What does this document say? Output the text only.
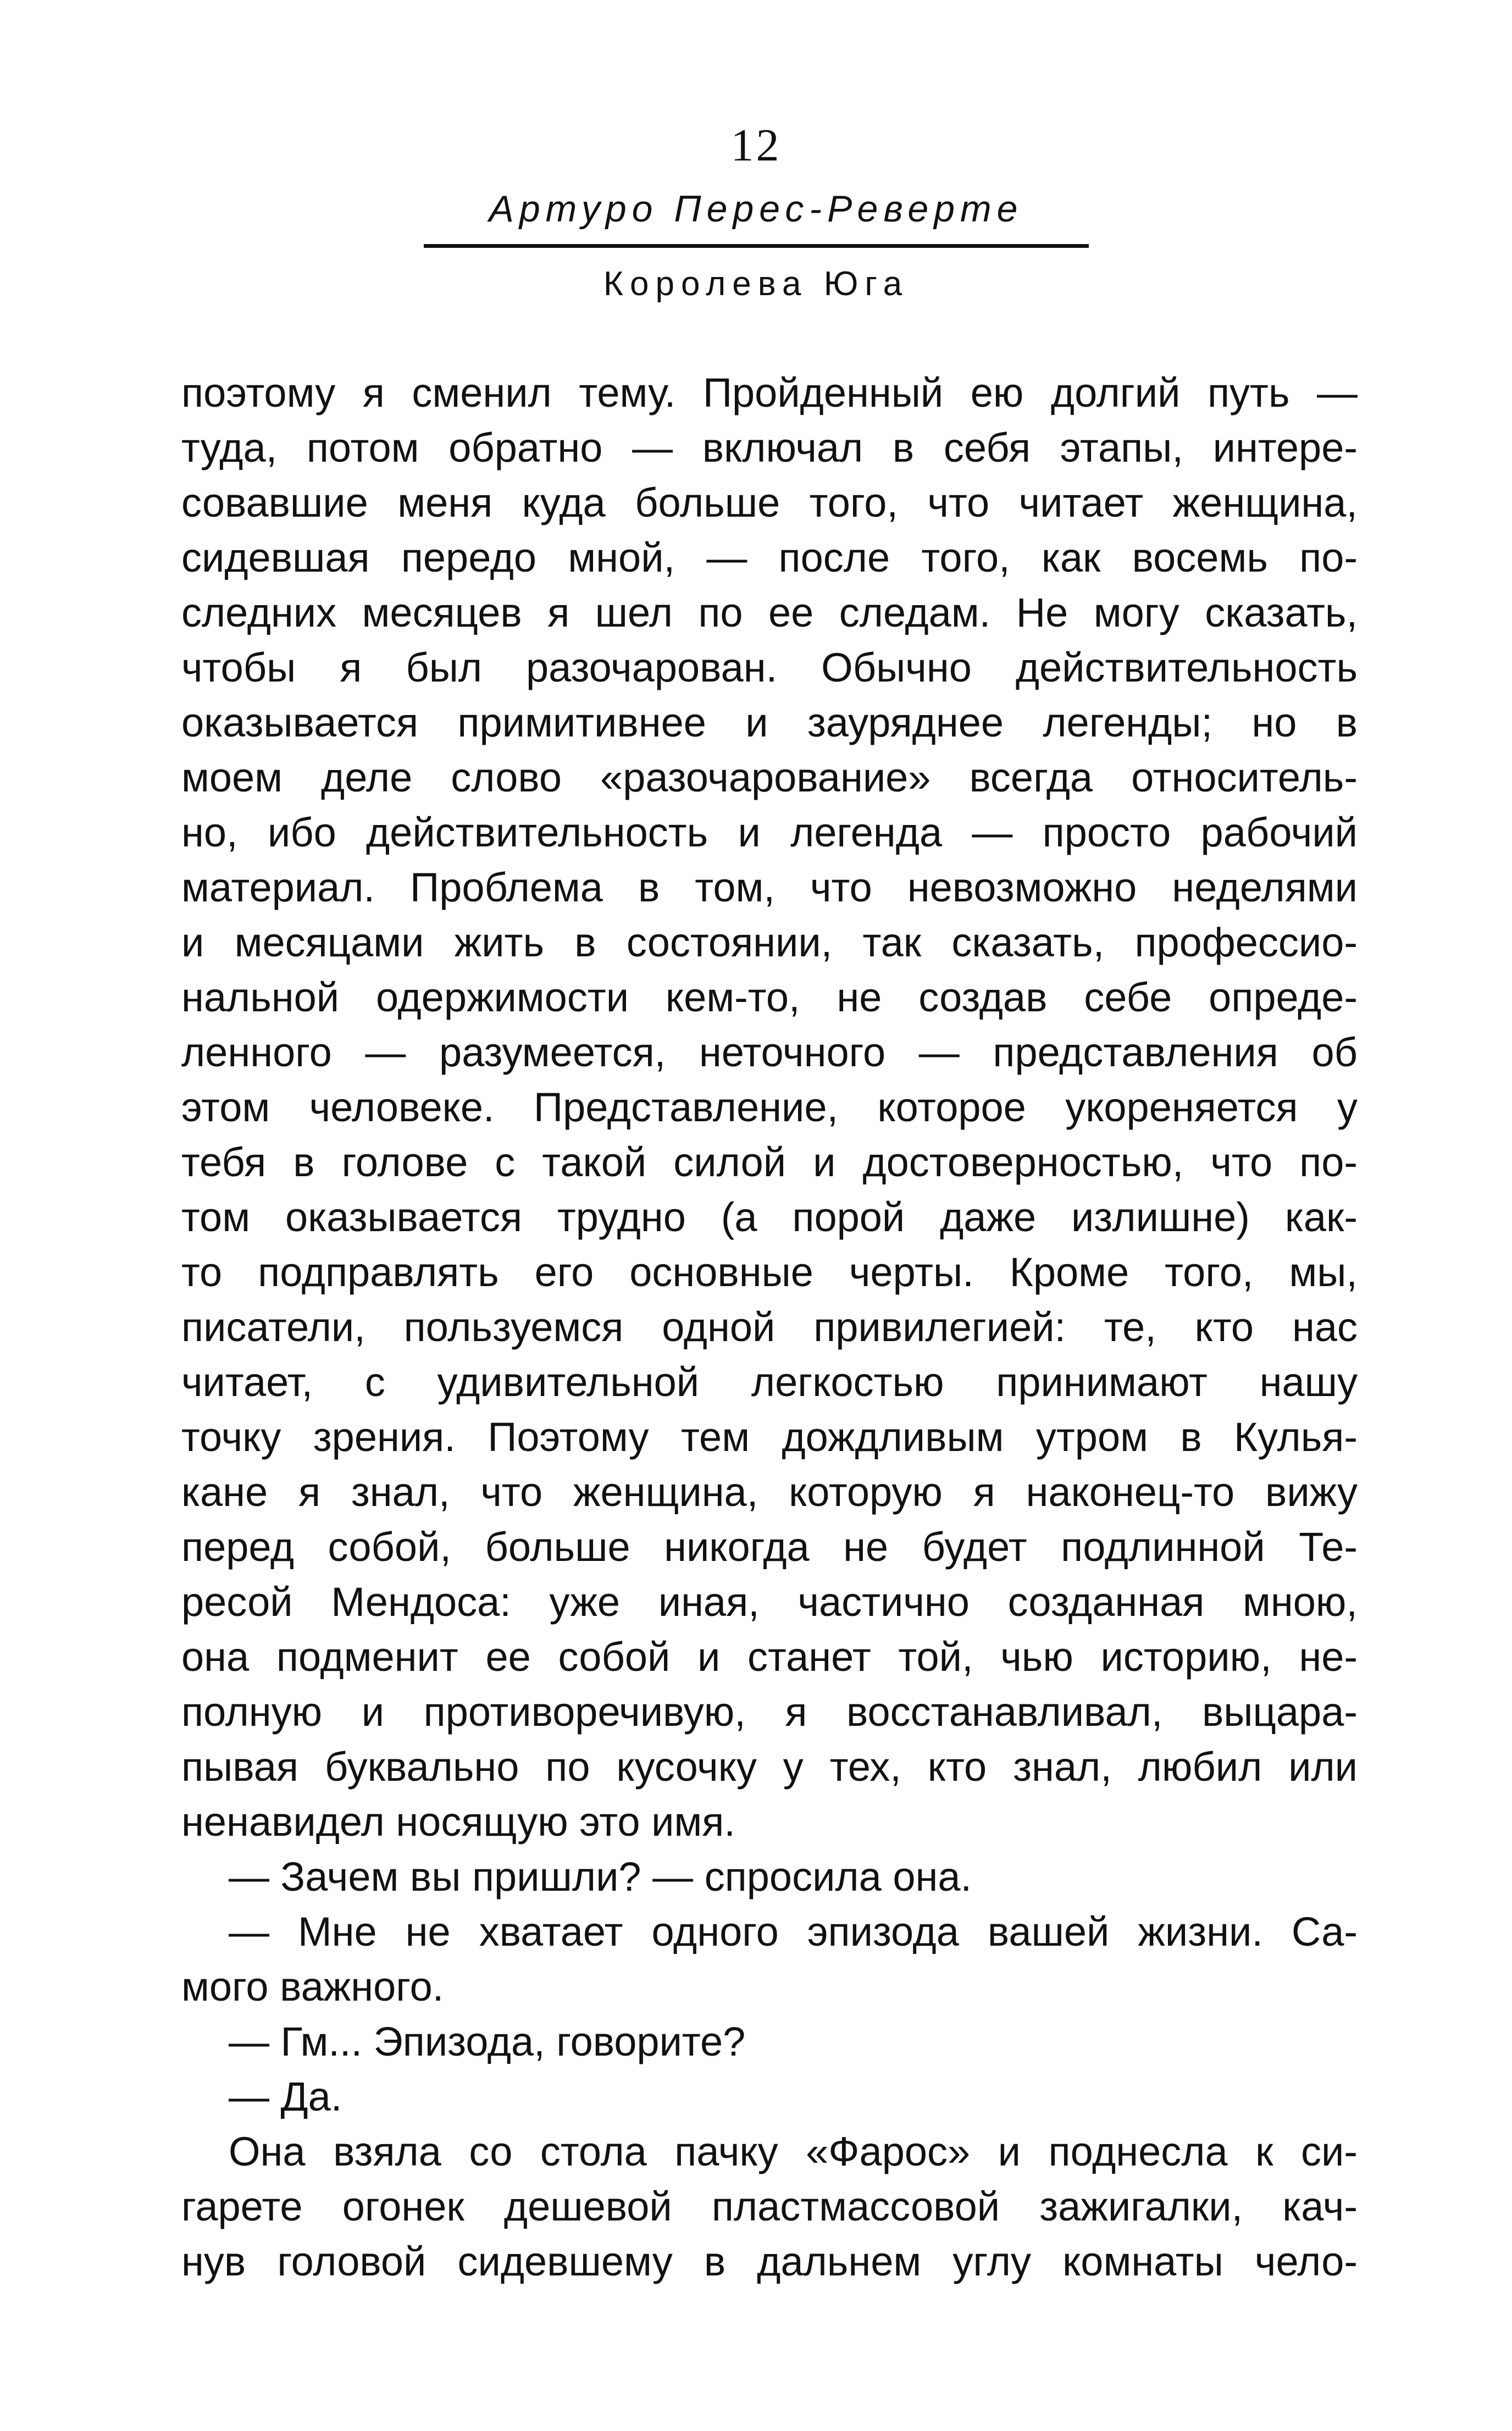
12
Артуро Перес-Реверте
Королева Юга
поэтому я сменил тему. Пройденный ею долгий путь —
туда, потом обратно — включал в себя этапы, интере-
совавшие меня куда больше того, что читает женщина,
сидевшая передо мной, — после того, как восемь по-
следних месяцев я шел по ее следам. Не могу сказать,
чтобы я был разочарован. Обычно действительность
оказывается примитивнее и зауряднее легенды; но в
моем деле слово «разочарование» всегда относитель-
но, ибо действительность и легенда — просто рабочий
материал. Проблема в том, что невозможно неделями
и месяцами жить в состоянии, так сказать, профессио-
нальной одержимости кем-то, не создав себе опреде-
ленного — разумеется, неточного — представления об
этом человеке. Представление, которое укореняется у
тебя в голове с такой силой и достоверностью, что по-
том оказывается трудно (а порой даже излишне) как-
то подправлять его основные черты. Кроме того, мы,
писатели, пользуемся одной привилегией: те, кто нас
читает, с удивительной легкостью принимают нашу
точку зрения. Поэтому тем дождливым утром в Кулья-
кане я знал, что женщина, которую я наконец-то вижу
перед собой, больше никогда не будет подлинной Те-
ресой Мендоса: уже иная, частично созданная мною,
она подменит ее собой и станет той, чью историю, не-
полную и противоречивую, я восстанавливал, выцара-
пывая буквально по кусочку у тех, кто знал, любил или
ненавидел носящую это имя.
— Зачем вы пришли? — спросила она.
— Мне не хватает одного эпизода вашей жизни. Са-
мого важного.
— Гм... Эпизода, говорите?
— Да.
Она взяла со стола пачку «Фарос» и поднесла к си-
гарете огонек дешевой пластмассовой зажигалки, кач-
нув головой сидевшему в дальнем углу комнаты чело-
